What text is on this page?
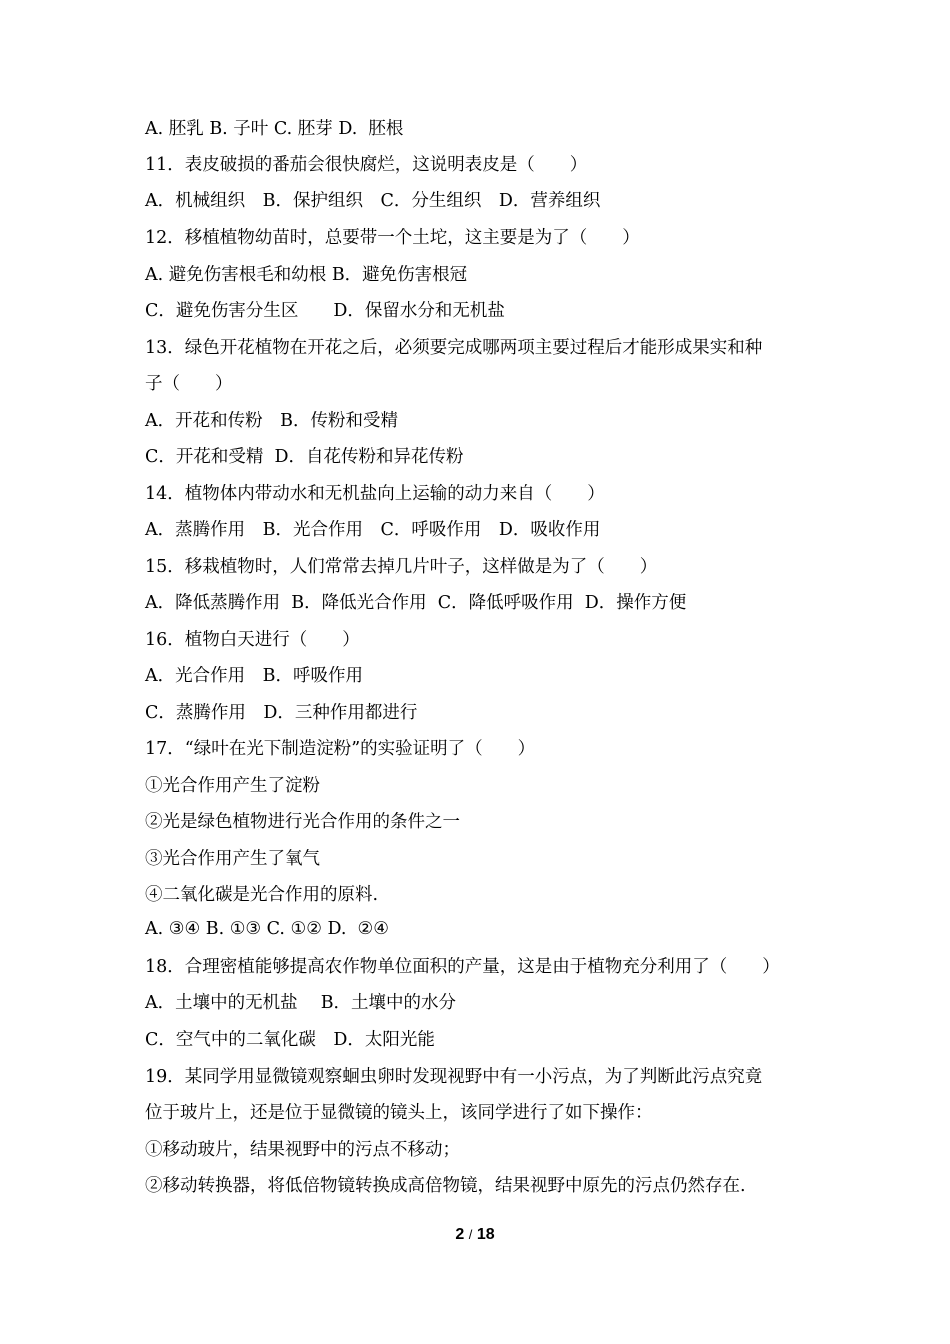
A. 胚乳 B. 子叶 C. 胚芽 D.  胚根
11．表皮破损的番茄会很快腐烂，这说明表皮是（　　）
A．机械组织　B．保护组织　C．分生组织　D．营养组织
12．移植植物幼苗时，总要带一个土坨，这主要是为了（　　）
A. 避免伤害根毛和幼根 B．避免伤害根冠
C．避免伤害分生区　　D．保留水分和无机盐
13．绿色开花植物在开花之后，必须要完成哪两项主要过程后才能形成果实和种
子（　　）
A．开花和传粉　B．传粉和受精
C．开花和受精  D．自花传粉和异花传粉
14．植物体内带动水和无机盐向上运输的动力来自（　　）
A．蒸腾作用　B．光合作用　C．呼吸作用　D．吸收作用
15．移栽植物时，人们常常去掉几片叶子，这样做是为了（　　）
A．降低蒸腾作用  B．降低光合作用  C．降低呼吸作用  D．操作方便
16．植物白天进行（　　）
A．光合作用　B．呼吸作用
C．蒸腾作用　D．三种作用都进行
17．“绿叶在光下制造淀粉”的实验证明了（　　）
①光合作用产生了淀粉
②光是绿色植物进行光合作用的条件之一
③光合作用产生了氧气
④二氧化碳是光合作用的原料.
A. ③④ B. ①③ C. ①② D.  ②④
18．合理密植能够提高农作物单位面积的产量，这是由于植物充分利用了（　　）
A．土壤中的无机盐　 B．土壤中的水分
C．空气中的二氧化碳　D．太阳光能
19．某同学用显微镜观察蛔虫卵时发现视野中有一小污点，为了判断此污点究竟
位于玻片上，还是位于显微镜的镜头上，该同学进行了如下操作：
①移动玻片，结果视野中的污点不移动；
②移动转换器，将低倍物镜转换成高倍物镜，结果视野中原先的污点仍然存在.
2 / 18
